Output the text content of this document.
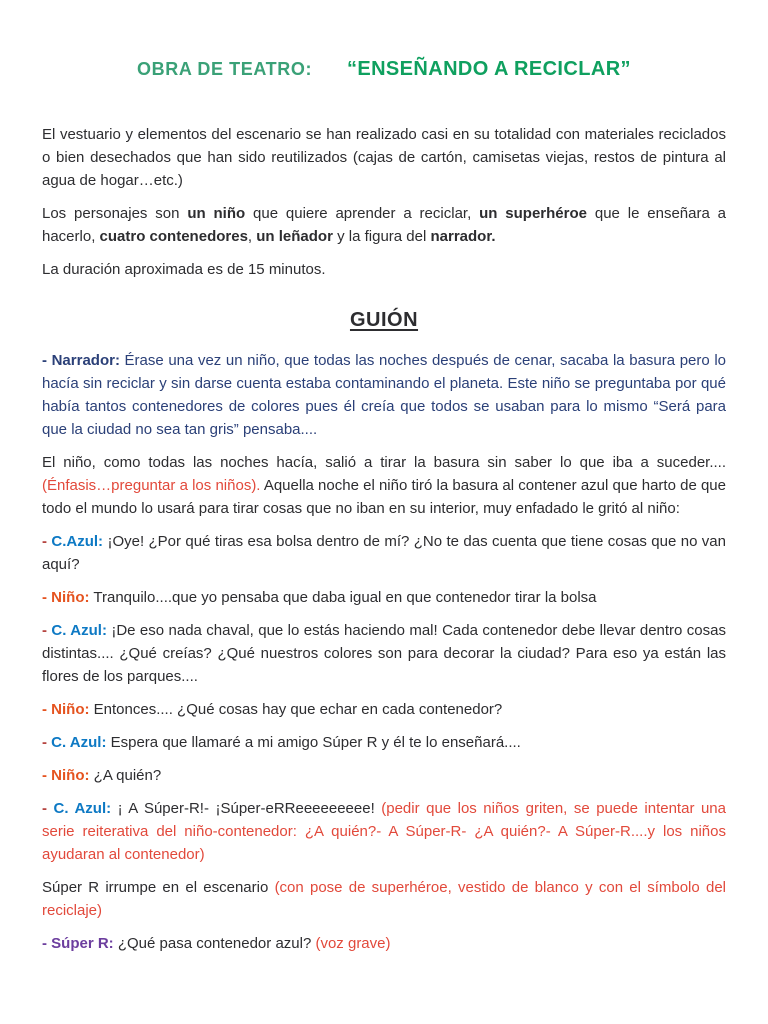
OBRA DE TEATRO: “ENSEÑANDO A RECICLAR”

El vestuario y elementos del escenario se han realizado casi en su totalidad con materiales reciclados o bien desechados que han sido reutilizados (cajas de cartón, camisetas viejas, restos de pintura al agua de hogar…etc.)

Los personajes son un niño que quiere aprender a reciclar, un superhéroe que le enseñara a hacerlo, cuatro contenedores, un leñador y la figura del narrador.

La duración aproximada es de 15 minutos.

GUIÓN

- Narrador: Érase una vez un niño, que todas las noches después de cenar, sacaba la basura pero lo hacía sin reciclar y sin darse cuenta estaba contaminando el planeta. Este niño se preguntaba por qué había tantos contenedores de colores pues él creía que todos se usaban para lo mismo “Será para que la ciudad no sea tan gris” pensaba....

El niño, como todas las noches hacía, salió a tirar la basura sin saber lo que iba a suceder.... (Énfasis…preguntar a los niños). Aquella noche el niño tiró la basura al contener azul que harto de que todo el mundo lo usará para tirar cosas que no iban en su interior, muy enfadado le gritó al niño:

- C.Azul: ¡Oye! ¿Por qué tiras esa bolsa dentro de mí? ¿No te das cuenta que tiene cosas que no van aquí?

- Niño: Tranquilo....que yo pensaba que daba igual en que contenedor tirar la bolsa

- C. Azul: ¡De eso nada chaval, que lo estás haciendo mal! Cada contenedor debe llevar dentro cosas distintas.... ¿Qué creías? ¿Qué nuestros colores son para decorar la ciudad? Para eso ya están las flores de los parques....

- Niño: Entonces.... ¿Qué cosas hay que echar en cada contenedor?

- C. Azul: Espera que llamaré a mi amigo Súper R y él te lo enseñará....

- Niño: ¿A quién?

- C. Azul: ¡ A Súper-R!- ¡Súper-eRReeeeeeeee! (pedir que los niños griten, se puede intentar una serie reiterativa del niño-contenedor: ¿A quién?- A Súper-R- ¿A quién?- A Súper-R....y los niños ayudaran al contenedor)

Súper R irrumpe en el escenario (con pose de superhéroe, vestido de blanco y con el símbolo del reciclaje)

- Súper R: ¿Qué pasa contenedor azul? (voz grave)
